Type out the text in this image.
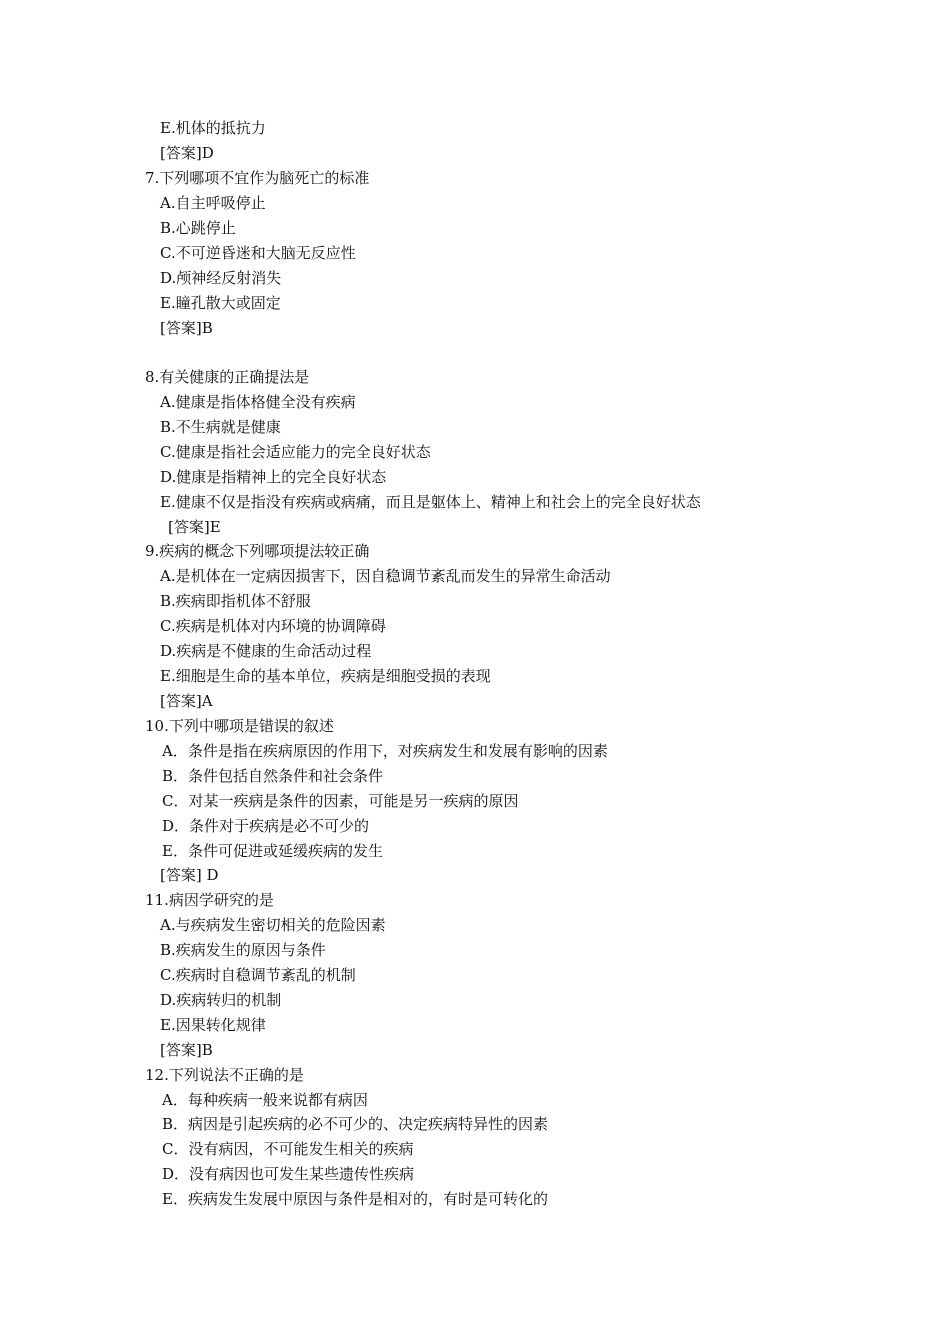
E.机体的抵抗力
[答案]D
7.下列哪项不宜作为脑死亡的标准
A.自主呼吸停止
B.心跳停止
C.不可逆昏迷和大脑无反应性
D.颅神经反射消失
E.瞳孔散大或固定
[答案]B
8.有关健康的正确提法是
A.健康是指体格健全没有疾病
B.不生病就是健康
C.健康是指社会适应能力的完全良好状态
D.健康是指精神上的完全良好状态
E.健康不仅是指没有疾病或病痛，而且是躯体上、精神上和社会上的完全良好状态
[答案]E
9.疾病的概念下列哪项提法较正确
A.是机体在一定病因损害下，因自稳调节紊乱而发生的异常生命活动
B.疾病即指机体不舒服
C.疾病是机体对内环境的协调障碍
D.疾病是不健康的生命活动过程
E.细胞是生命的基本单位，疾病是细胞受损的表现
[答案]A
10.下列中哪项是错误的叙述
A．条件是指在疾病原因的作用下，对疾病发生和发展有影响的因素
B．条件包括自然条件和社会条件
C．对某一疾病是条件的因素，可能是另一疾病的原因
D．条件对于疾病是必不可少的
E．条件可促进或延缓疾病的发生
[答案] D
11.病因学研究的是
A.与疾病发生密切相关的危险因素
B.疾病发生的原因与条件
C.疾病时自稳调节紊乱的机制
D.疾病转归的机制
E.因果转化规律
[答案]B
12.下列说法不正确的是
A．每种疾病一般来说都有病因
B．病因是引起疾病的必不可少的、决定疾病特异性的因素
C．没有病因，不可能发生相关的疾病
D．没有病因也可发生某些遗传性疾病
E．疾病发生发展中原因与条件是相对的，有时是可转化的
